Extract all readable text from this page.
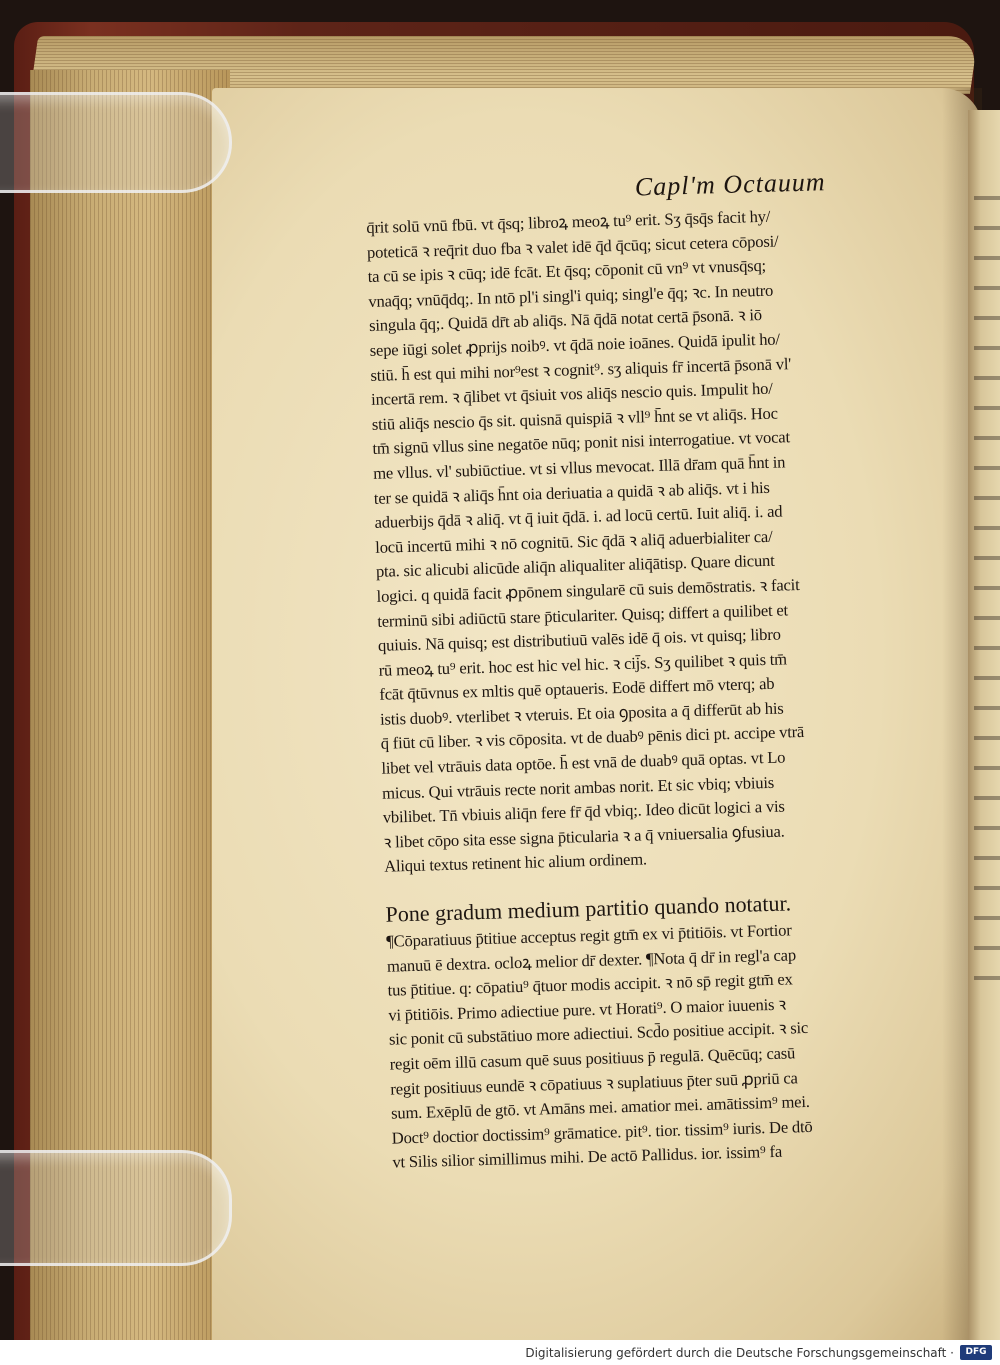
Capl'm Octauum
q̄rit solū vnū fbū. vt q̄sq; libroꝝ meoꝝ tu⁹ erit. Sʒ q̄sq̄s facit hy/
poteticā ꝛ req̄rit duo fba ꝛ valet idē q̄d q̄cūq; sicut cetera cōposi/
ta cū se ipis ꝛ cūq; idē fcāt. Et q̄sq; cōponit cū vn⁹ vt vnusq̄sq;
vnaq̄q; vnūq̄dq;. In ntō pl'i singl'i quiq; singl'e q̄q; ꝛc. In neutro
singula q̄q;. Quidā dr̄t ab aliq̄s. Nā q̄dā notat certā p̄sonā. ꝛ iō
sepe iūgi solet ꝓprijs noibꝰ. vt q̄dā noie ioānes. Quidā ipulit ho/
stiū. h̄ est qui mihi nor⁹est ꝛ cognit⁹. sʒ aliquis fr̄ incertā p̄sonā vl'
incertā rem. ꝛ q̄libet vt q̄siuit vos aliq̄s nescio quis. Impulit ho/
stiū aliq̄s nescio q̄s sit. quisnā quispiā ꝛ vll⁹ h̄nt se vt aliq̄s. Hoc
tm̄ signū vllus sine negatōe nūq; ponit nisi interrogatiue. vt vocat
me vllus. vl' subiūctiue. vt si vllus mevocat. Illā dr̄am quā h̄nt in
ter se quidā ꝛ aliq̄s h̄nt oia deriuatia a quidā ꝛ ab aliq̄s. vt i his
aduerbijs q̄dā ꝛ aliq̄. vt q̄ iuit q̄dā. i. ad locū certū. Iuit aliq̄. i. ad
locū incertū mihi ꝛ nō cognitū. Sic q̄dā ꝛ aliq̄ aduerbialiter ca/
pta. sic alicubi alicūde aliq̄n aliqualiter aliq̄ātisp. Quare dicunt
logici. q quidā facit ꝓpōnem singularē cū suis demōstratis. ꝛ facit
terminū sibi adiūctū stare p̄ticulariter. Quisq; differt a quilibet et
quiuis. Nā quisq; est distributiuū valēs idē q̄ ois. vt quisq; libro
rū meoꝝ tu⁹ erit. hoc est hic vel hic. ꝛ cij̄s. Sʒ quilibet ꝛ quis tm̄
fcāt q̄tūvnus ex mltis quē optaueris. Eodē differt mō vterq; ab
istis duobꝰ. vterlibet ꝛ vteruis. Et oia ꝯposita a q̄ differūt ab his
q̄ fiūt cū liber. ꝛ vis cōposita. vt de duabꝰ pēnis dici pt. accipe vtrā
libet vel vtrāuis data optōe. h̄ est vnā de duabꝰ quā optas. vt Lo
micus. Qui vtrāuis recte norit ambas norit. Et sic vbiq; vbiuis
vbilibet. Tn̄ vbiuis aliq̄n fere fr̄ q̄d vbiq;. Ideo dicūt logici a vis
ꝛ libet cōpo sita esse signa p̄ticularia ꝛ a q̄ vniuersalia ꝯfusiua.
Aliqui textus retinent hic alium ordinem.
Pone gradum medium partitio quando notatur.
¶Cōparatiuus p̄titiue acceptus regit gtm̄ ex vi p̄titiōis. vt Fortior
manuū ē dextra. ocloꝝ melior dr̄ dexter. ¶Nota q̄ dr̄ in regl'a cap
tus p̄titiue. q: cōpatiu⁹ q̄tuor modis accipit. ꝛ nō sp̄ regit gtm̄ ex
vi p̄titiōis. Primo adiectiue pure. vt Horati⁹. O maior iuuenis ꝛ
sic ponit cū substātiuo more adiectiui. Scd̄o positiue accipit. ꝛ sic
regit oēm illū casum quē suus positiuus p̄ regulā. Quēcūq; casū
regit positiuus eundē ꝛ cōpatiuus ꝛ suplatiuus p̄ter suū ꝓpriū ca
sum. Exēplū de gtō. vt Amāns mei. amatior mei. amātissim⁹ mei.
Doct⁹ doctior doctissim⁹ grāmatice. pit⁹. tior. tissim⁹ iuris. De dtō
vt Silis silior simillimus mihi. De actō Pallidus. ior. issim⁹ fa
Digitalisierung gefördert durch die Deutsche Forschungsgemeinschaft ·	DFG
